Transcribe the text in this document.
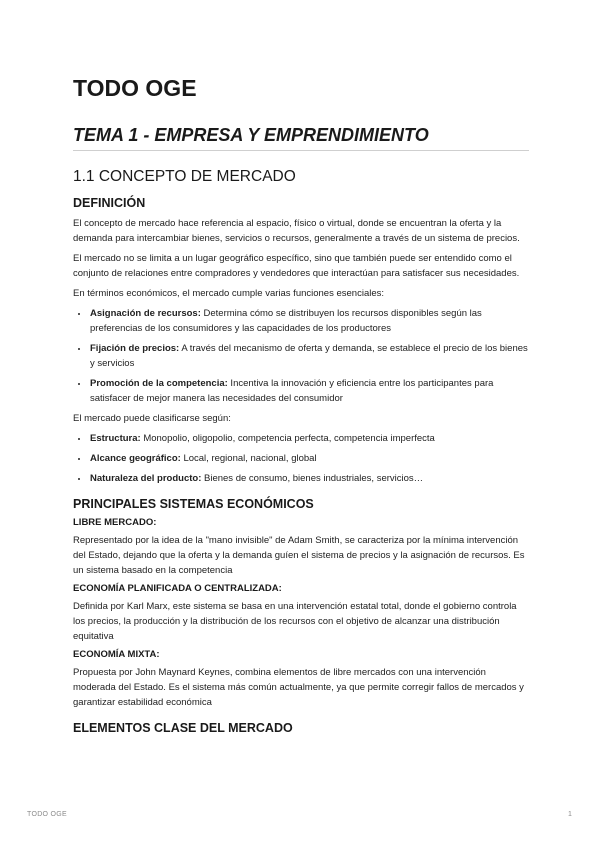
TODO OGE
TEMA 1 - EMPRESA Y EMPRENDIMIENTO
1.1 CONCEPTO DE MERCADO
DEFINICIÓN

El concepto de mercado hace referencia al espacio, físico o virtual, donde se encuentran la oferta y la demanda para intercambiar bienes, servicios o recursos, generalmente a través de un sistema de precios.

El mercado no se limita a un lugar geográfico específico, sino que también puede ser entendido como el conjunto de relaciones entre compradores y vendedores que interactúan para satisfacer sus necesidades.

En términos económicos, el mercado cumple varias funciones esenciales:

• Asignación de recursos: Determina cómo se distribuyen los recursos disponibles según las preferencias de los consumidores y las capacidades de los productores
• Fijación de precios: A través del mecanismo de oferta y demanda, se establece el precio de los bienes y servicios
• Promoción de la competencia: Incentiva la innovación y eficiencia entre los participantes para satisfacer de mejor manera las necesidades del consumidor

El mercado puede clasificarse según:

• Estructura: Monopolio, oligopolio, competencia perfecta, competencia imperfecta
• Alcance geográfico: Local, regional, nacional, global
• Naturaleza del producto: Bienes de consumo, bienes industriales, servicios…
PRINCIPALES SISTEMAS ECONÓMICOS
LIBRE MERCADO:

Representado por la idea de la "mano invisible" de Adam Smith, se caracteriza por la mínima intervención del Estado, dejando que la oferta y la demanda guíen el sistema de precios y la asignación de recursos. Es un sistema basado en la competencia

ECONOMÍA PLANIFICADA O CENTRALIZADA:

Definida por Karl Marx, este sistema se basa en una intervención estatal total, donde el gobierno controla los precios, la producción y la distribución de los recursos con el objetivo de alcanzar una distribución equitativa

ECONOMÍA MIXTA:

Propuesta por John Maynard Keynes, combina elementos de libre mercados con una intervención moderada del Estado. Es el sistema más común actualmente, ya que permite corregir fallos de mercados y garantizar estabilidad económica

ELEMENTOS CLASE DEL MERCADO
TODO OGE	1
